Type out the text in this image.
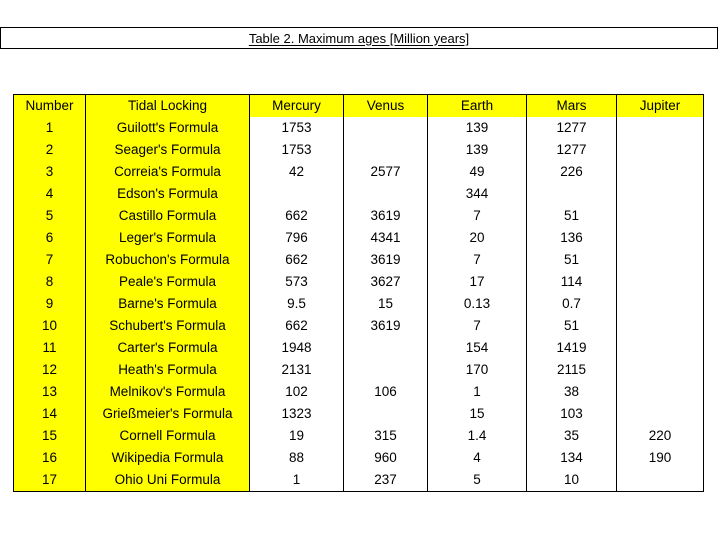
Table 2. Maximum ages [Million years]
Number	Tidal Locking	Mercury	Venus	Earth	Mars	Jupiter
1	Guilott's Formula	1753		139	1277	
2	Seager's Formula	1753		139	1277	
3	Correia's Formula	42	2577	49	226	
4	Edson's Formula			344		
5	Castillo Formula	662	3619	7	51	
6	Leger's Formula	796	4341	20	136	
7	Robuchon's Formula	662	3619	7	51	
8	Peale's Formula	573	3627	17	114	
9	Barne's Formula	9.5	15	0.13	0.7	
10	Schubert's Formula	662	3619	7	51	
11	Carter's Formula	1948		154	1419	
12	Heath's Formula	2131		170	2115	
13	Melnikov's Formula	102	106	1	38	
14	Grießmeier's Formula	1323		15	103	
15	Cornell Formula	19	315	1.4	35	220
16	Wikipedia Formula	88	960	4	134	190
17	Ohio Uni Formula	1	237	5	10	
